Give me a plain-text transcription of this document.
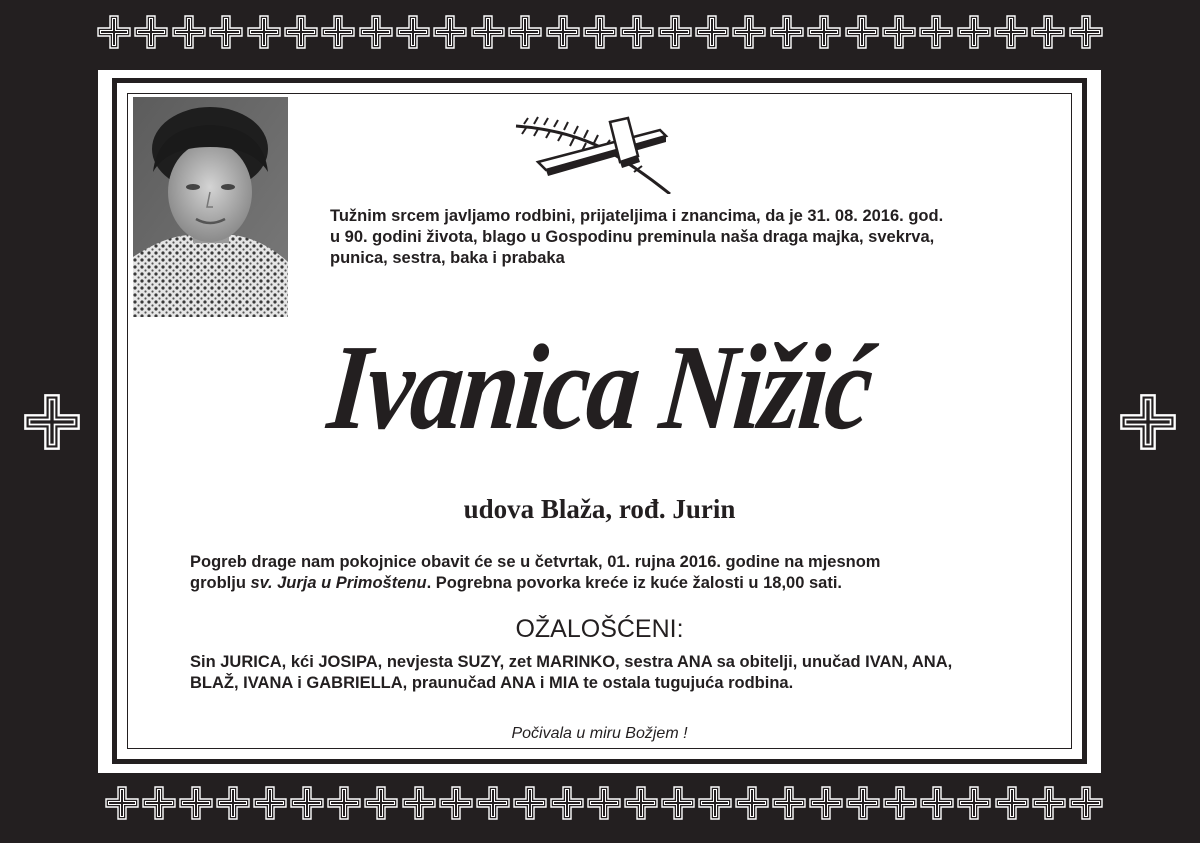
Tužnim srcem javljamo rodbini, prijateljima i znancima, da je 31. 08. 2016. god.

u 90. godini života, blago u Gospodinu preminula naša draga majka, svekrva,

punica, sestra, baka i prabaka

Ivanica Nižić
udova Blaža, rođ. Jurin

Pogreb drage nam pokojnice obavit će se u četvrtak, 01. rujna 2016. godine na mjesnom

groblju sv. Jurja u Primoštenu. Pogrebna povorka kreće iz kuće žalosti u 18,00 sati.

OŽALOŠĆENI:

Sin JURICA, kći JOSIPA, nevjesta SUZY, zet MARINKO, sestra ANA sa obitelji, unučad IVAN, ANA,

BLAŽ, IVANA i GABRIELLA, praunučad ANA i MIA te ostala tugujuća rodbina.

Počivala u miru Božjem !
